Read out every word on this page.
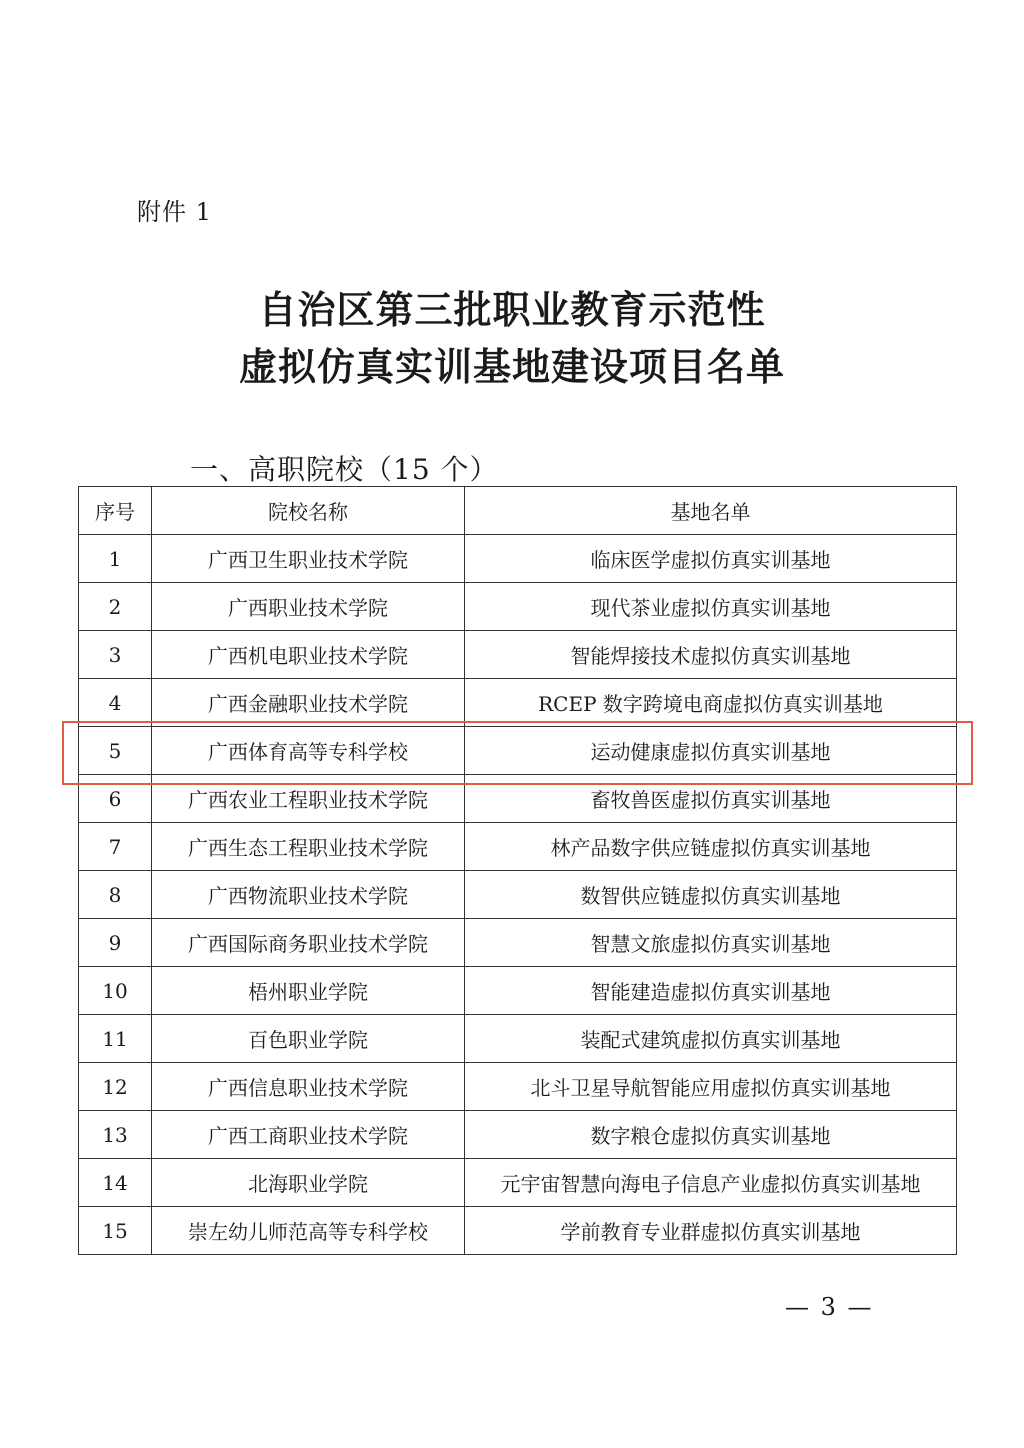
附件 1
自治区第三批职业教育示范性
虚拟仿真实训基地建设项目名单
一、高职院校（15 个）
序号	院校名称	基地名单
1	广西卫生职业技术学院	临床医学虚拟仿真实训基地
2	广西职业技术学院	现代茶业虚拟仿真实训基地
3	广西机电职业技术学院	智能焊接技术虚拟仿真实训基地
4	广西金融职业技术学院	RCEP 数字跨境电商虚拟仿真实训基地
5	广西体育高等专科学校	运动健康虚拟仿真实训基地
6	广西农业工程职业技术学院	畜牧兽医虚拟仿真实训基地
7	广西生态工程职业技术学院	林产品数字供应链虚拟仿真实训基地
8	广西物流职业技术学院	数智供应链虚拟仿真实训基地
9	广西国际商务职业技术学院	智慧文旅虚拟仿真实训基地
10	梧州职业学院	智能建造虚拟仿真实训基地
11	百色职业学院	装配式建筑虚拟仿真实训基地
12	广西信息职业技术学院	北斗卫星导航智能应用虚拟仿真实训基地
13	广西工商职业技术学院	数字粮仓虚拟仿真实训基地
14	北海职业学院	元宇宙智慧向海电子信息产业虚拟仿真实训基地
15	崇左幼儿师范高等专科学校	学前教育专业群虚拟仿真实训基地
— 3 —
